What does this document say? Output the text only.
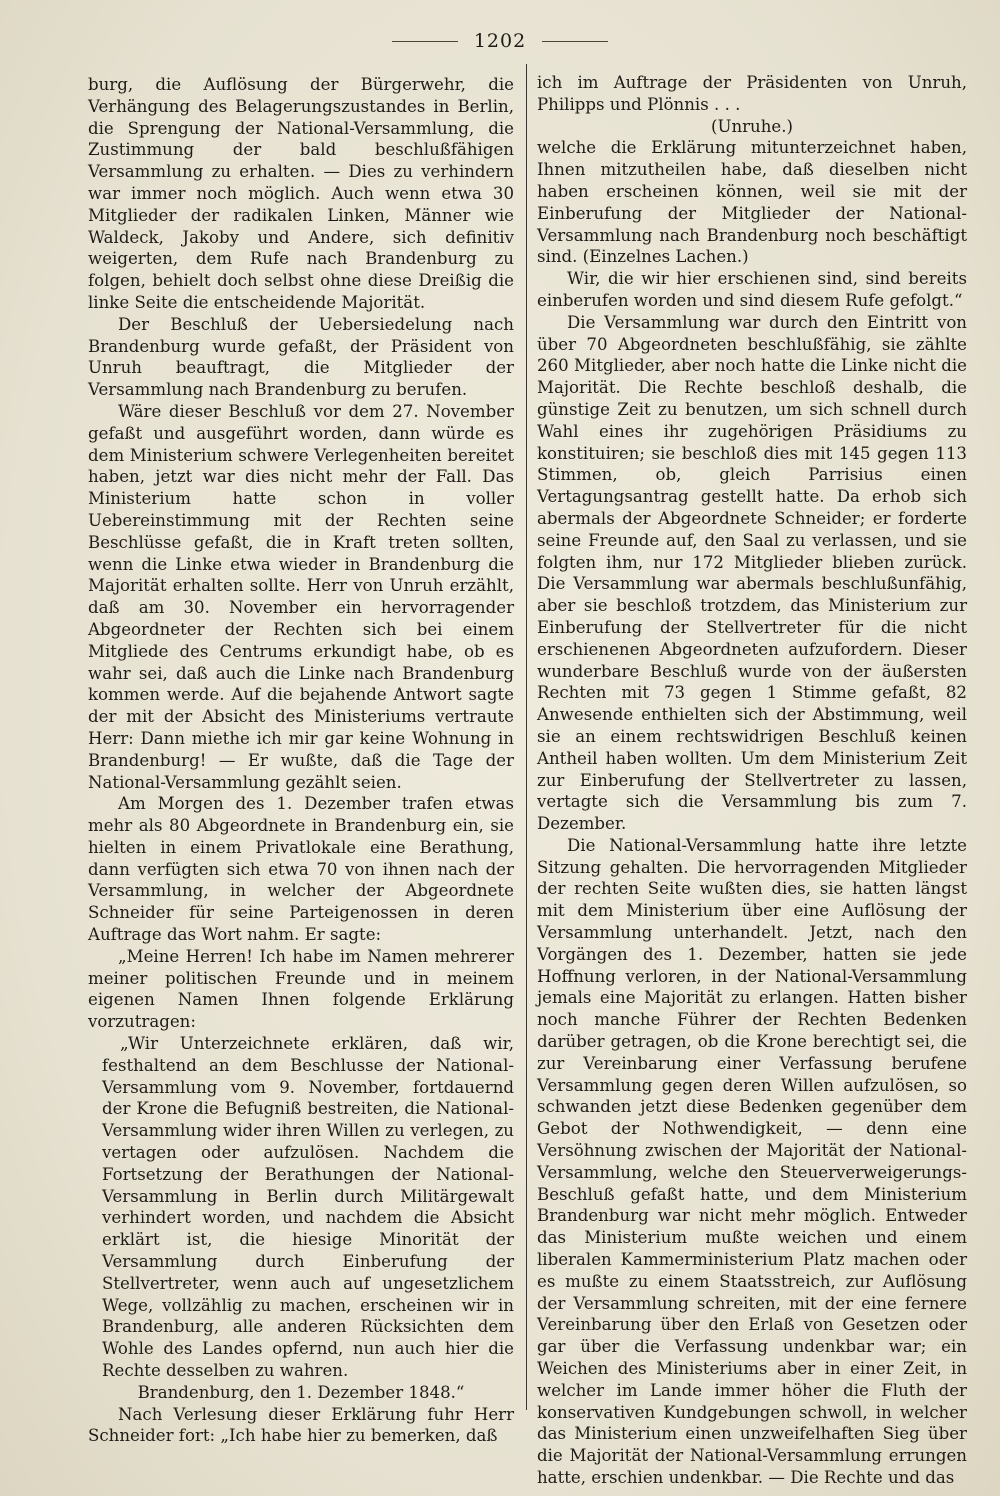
1202

burg, die Auflösung der Bürgerwehr, die Verhängung des Belagerungszustandes in Berlin, die Sprengung der National-Versammlung, die Zustimmung der bald beschlußfähigen Versammlung zu erhalten. — Dies zu verhindern war immer noch möglich. Auch wenn etwa 30 Mitglieder der radikalen Linken, Männer wie Waldeck, Jakoby und Andere, sich definitiv weigerten, dem Rufe nach Brandenburg zu folgen, behielt doch selbst ohne diese Dreißig die linke Seite die entscheidende Majorität.

Der Beschluß der Uebersiedelung nach Brandenburg wurde gefaßt, der Präsident von Unruh beauftragt, die Mitglieder der Versammlung nach Brandenburg zu berufen.

Wäre dieser Beschluß vor dem 27. November gefaßt und ausgeführt worden, dann würde es dem Ministerium schwere Verlegenheiten bereitet haben, jetzt war dies nicht mehr der Fall. Das Ministerium hatte schon in voller Uebereinstimmung mit der Rechten seine Beschlüsse gefaßt, die in Kraft treten sollten, wenn die Linke etwa wieder in Brandenburg die Majorität erhalten sollte. Herr von Unruh erzählt, daß am 30. November ein hervorragender Abgeordneter der Rechten sich bei einem Mitgliede des Centrums erkundigt habe, ob es wahr sei, daß auch die Linke nach Brandenburg kommen werde. Auf die bejahende Antwort sagte der mit der Absicht des Ministeriums vertraute Herr: Dann miethe ich mir gar keine Wohnung in Brandenburg! — Er wußte, daß die Tage der National-Versammlung gezählt seien.

Am Morgen des 1. Dezember trafen etwas mehr als 80 Abgeordnete in Brandenburg ein, sie hielten in einem Privatlokale eine Berathung, dann verfügten sich etwa 70 von ihnen nach der Versammlung, in welcher der Abgeordnete Schneider für seine Parteigenossen in deren Auftrage das Wort nahm. Er sagte:

„Meine Herren! Ich habe im Namen mehrerer meiner politischen Freunde und in meinem eigenen Namen Ihnen folgende Erklärung vorzutragen:

„Wir Unterzeichnete erklären, daß wir, festhaltend an dem Beschlusse der National-Versammlung vom 9. November, fortdauernd der Krone die Befugniß bestreiten, die National-Versammlung wider ihren Willen zu verlegen, zu vertagen oder aufzulösen. Nachdem die Fortsetzung der Berathungen der National-Versammlung in Berlin durch Militärgewalt verhindert worden, und nachdem die Absicht erklärt ist, die hiesige Minorität der Versammlung durch Einberufung der Stellvertreter, wenn auch auf ungesetzlichem Wege, vollzählig zu machen, erscheinen wir in Brandenburg, alle anderen Rücksichten dem Wohle des Landes opfernd, nun auch hier die Rechte desselben zu wahren.

Brandenburg, den 1. Dezember 1848.“

Nach Verlesung dieser Erklärung fuhr Herr Schneider fort: „Ich habe hier zu bemerken, daß

ich im Auftrage der Präsidenten von Unruh, Philipps und Plönnis . . .

(Unruhe.)

welche die Erklärung mitunterzeichnet haben, Ihnen mitzutheilen habe, daß dieselben nicht haben erscheinen können, weil sie mit der Einberufung der Mitglieder der National-Versammlung nach Brandenburg noch beschäftigt sind. (Einzelnes Lachen.)

Wir, die wir hier erschienen sind, sind bereits einberufen worden und sind diesem Rufe gefolgt.“

Die Versammlung war durch den Eintritt von über 70 Abgeordneten beschlußfähig, sie zählte 260 Mitglieder, aber noch hatte die Linke nicht die Majorität. Die Rechte beschloß deshalb, die günstige Zeit zu benutzen, um sich schnell durch Wahl eines ihr zugehörigen Präsidiums zu konstituiren; sie beschloß dies mit 145 gegen 113 Stimmen, ob, gleich Parrisius einen Vertagungsantrag gestellt hatte. Da erhob sich abermals der Abgeordnete Schneider; er forderte seine Freunde auf, den Saal zu verlassen, und sie folgten ihm, nur 172 Mitglieder blieben zurück. Die Versammlung war abermals beschlußunfähig, aber sie beschloß trotzdem, das Ministerium zur Einberufung der Stellvertreter für die nicht erschienenen Abgeordneten aufzufordern. Dieser wunderbare Beschluß wurde von der äußersten Rechten mit 73 gegen 1 Stimme gefaßt, 82 Anwesende enthielten sich der Abstimmung, weil sie an einem rechtswidrigen Beschluß keinen Antheil haben wollten. Um dem Ministerium Zeit zur Einberufung der Stellvertreter zu lassen, vertagte sich die Versammlung bis zum 7. Dezember.

Die National-Versammlung hatte ihre letzte Sitzung gehalten. Die hervorragenden Mitglieder der rechten Seite wußten dies, sie hatten längst mit dem Ministerium über eine Auflösung der Versammlung unterhandelt. Jetzt, nach den Vorgängen des 1. Dezember, hatten sie jede Hoffnung verloren, in der National-Versammlung jemals eine Majorität zu erlangen. Hatten bisher noch manche Führer der Rechten Bedenken darüber getragen, ob die Krone berechtigt sei, die zur Vereinbarung einer Verfassung berufene Versammlung gegen deren Willen aufzulösen, so schwanden jetzt diese Bedenken gegenüber dem Gebot der Nothwendigkeit, — denn eine Versöhnung zwischen der Majorität der National-Versammlung, welche den Steuerverweigerungs-Beschluß gefaßt hatte, und dem Ministerium Brandenburg war nicht mehr möglich. Entweder das Ministerium mußte weichen und einem liberalen Kammerministerium Platz machen oder es mußte zu einem Staatsstreich, zur Auflösung der Versammlung schreiten, mit der eine fernere Vereinbarung über den Erlaß von Gesetzen oder gar über die Verfassung undenkbar war; ein Weichen des Ministeriums aber in einer Zeit, in welcher im Lande immer höher die Fluth der konservativen Kundgebungen schwoll, in welcher das Ministerium einen unzweifelhaften Sieg über die Majorität der National-Versammlung errungen hatte, erschien undenkbar. — Die Rechte und das
